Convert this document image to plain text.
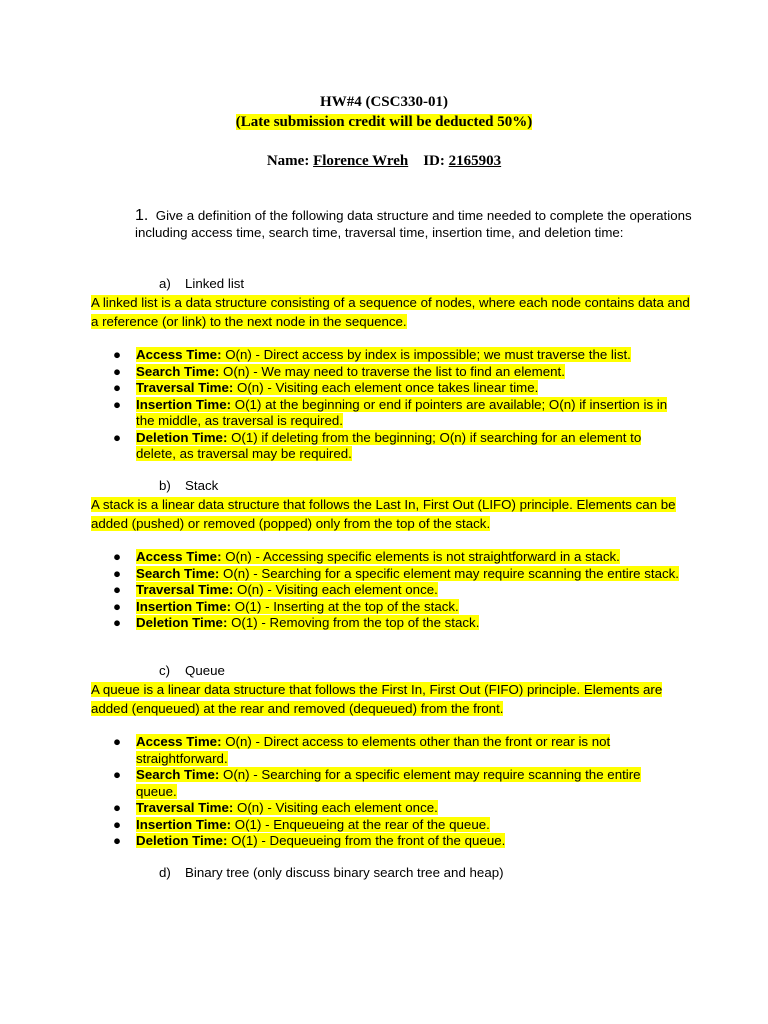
HW#4 (CSC330-01)
(Late submission credit will be deducted 50%)
Name: Florence Wreh ID: 2165903
1. Give a definition of the following data structure and time needed to complete the operations including access time, search time, traversal time, insertion time, and deletion time:
a) Linked list
A linked list is a data structure consisting of a sequence of nodes, where each node contains data and a reference (or link) to the next node in the sequence.
●	Access Time: O(n) - Direct access by index is impossible; we must traverse the list.
●	Search Time: O(n) - We may need to traverse the list to find an element.
●	Traversal Time: O(n) - Visiting each element once takes linear time.
●	Insertion Time: O(1) at the beginning or end if pointers are available; O(n) if insertion is in the middle, as traversal is required.
●	Deletion Time: O(1) if deleting from the beginning; O(n) if searching for an element to delete, as traversal may be required.
b) Stack
A stack is a linear data structure that follows the Last In, First Out (LIFO) principle. Elements can be added (pushed) or removed (popped) only from the top of the stack.
●	Access Time: O(n) - Accessing specific elements is not straightforward in a stack.
●	Search Time: O(n) - Searching for a specific element may require scanning the entire stack.
●	Traversal Time: O(n) - Visiting each element once.
●	Insertion Time: O(1) - Inserting at the top of the stack.
●	Deletion Time: O(1) - Removing from the top of the stack.
c) Queue
A queue is a linear data structure that follows the First In, First Out (FIFO) principle. Elements are added (enqueued) at the rear and removed (dequeued) from the front.
●	Access Time: O(n) - Direct access to elements other than the front or rear is not straightforward.
●	Search Time: O(n) - Searching for a specific element may require scanning the entire queue.
●	Traversal Time: O(n) - Visiting each element once.
●	Insertion Time: O(1) - Enqueueing at the rear of the queue.
●	Deletion Time: O(1) - Dequeueing from the front of the queue.
d) Binary tree (only discuss binary search tree and heap)
